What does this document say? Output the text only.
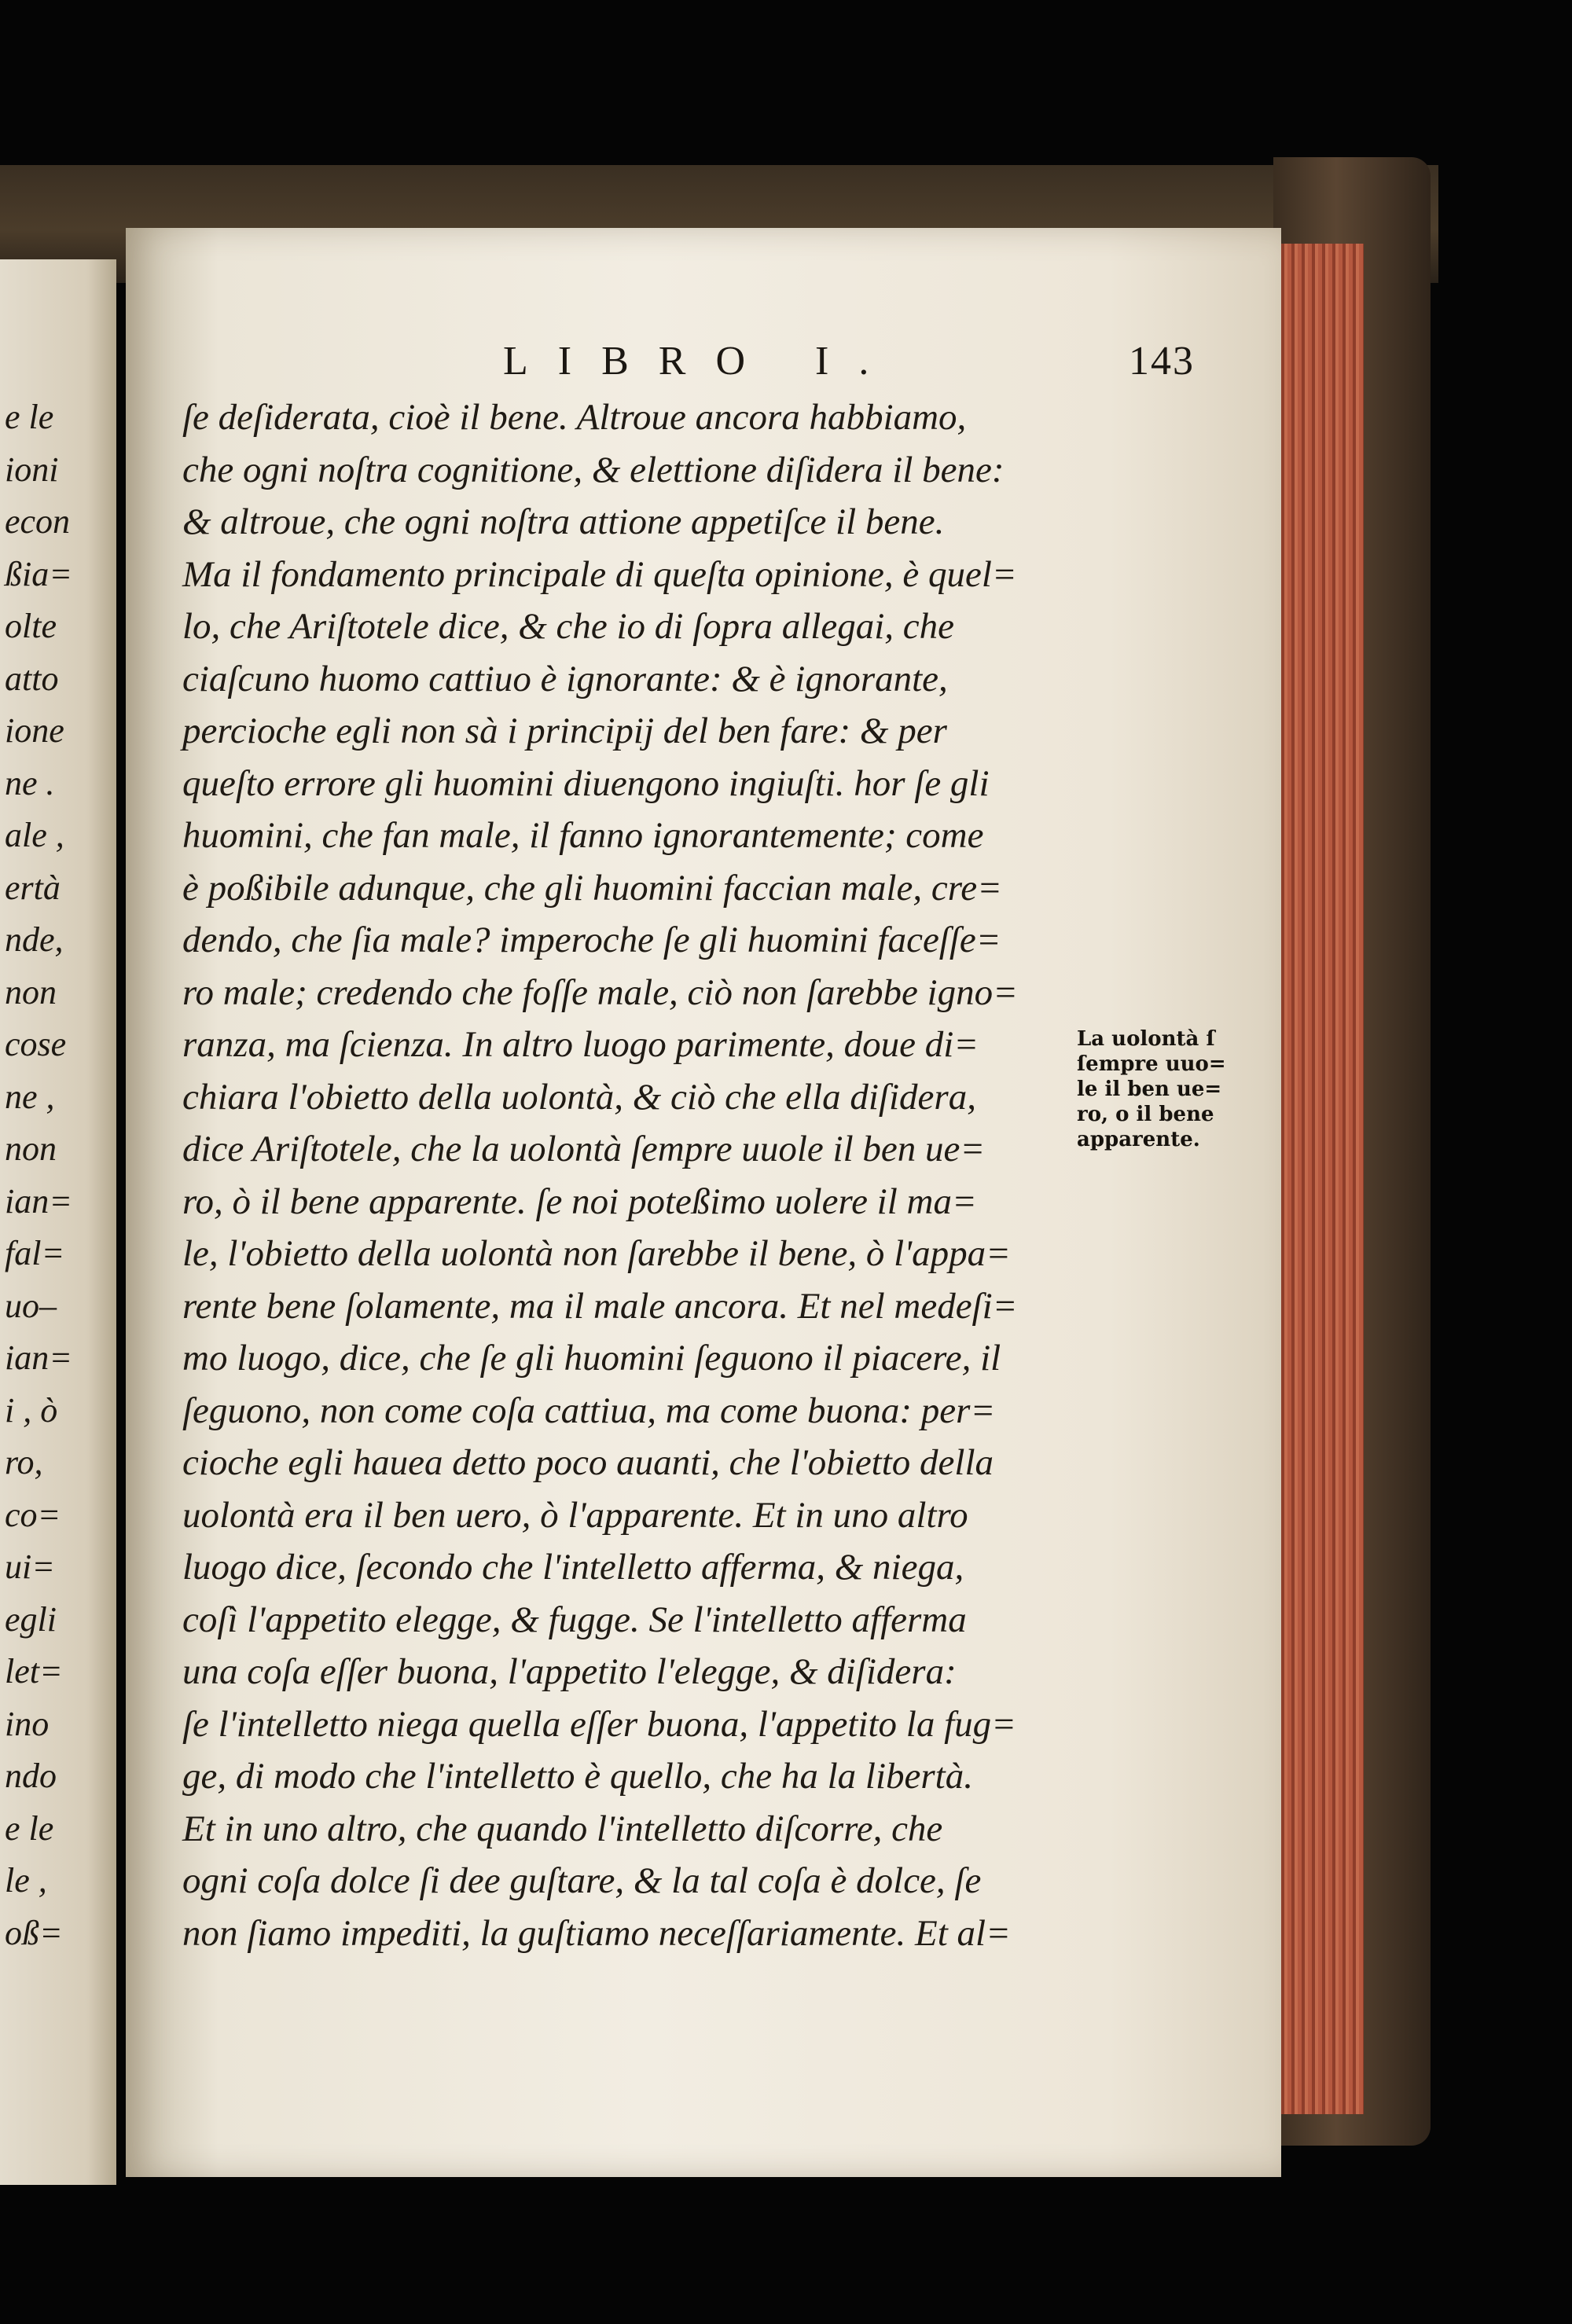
e le
ioni
econ
ßia=
olte
atto
ione
ne .
ale ,
ertà
nde,
non
cose
ne ,
non
ian=
fal=
uo–
ian=
i , ò
ro,
co=
ui=
egli
let=
ino
ndo
e le
le ,
oß=
LIBRO I.	143
ſe deſiderata, cioè il bene. Altroue ancora habbiamo,
che ogni noſtra cognitione, & elettione diſidera il bene:
& altroue, che ogni noſtra attione appetiſce il bene.
Ma il fondamento principale di queſta opinione, è quel=
lo, che Ariſtotele dice, & che io di ſopra allegai, che
ciaſcuno huomo cattiuo è ignorante: & è ignorante,
percioche egli non sà i principij del ben fare: & per
queſto errore gli huomini diuengono ingiuſti. hor ſe gli
huomini, che fan male, il fanno ignorantemente; come
è poßibile adunque, che gli huomini faccian male, cre=
dendo, che ſia male? imperoche ſe gli huomini faceſſe=
ro male; credendo che foſſe male, ciò non ſarebbe igno=
ranza, ma ſcienza. In altro luogo parimente, doue di=
chiara l'obietto della uolontà, & ciò che ella diſidera,
dice Ariſtotele, che la uolontà ſempre uuole il ben ue=
ro, ò il bene apparente. ſe noi poteßimo uolere il ma=
le, l'obietto della uolontà non ſarebbe il bene, ò l'appa=
rente bene ſolamente, ma il male ancora. Et nel medeſi=
mo luogo, dice, che ſe gli huomini ſeguono il piacere, il
ſeguono, non come coſa cattiua, ma come buona: per=
cioche egli hauea detto poco auanti, che l'obietto della
uolontà era il ben uero, ò l'apparente. Et in uno altro
luogo dice, ſecondo che l'intelletto afferma, & niega,
coſì l'appetito elegge, & fugge. Se l'intelletto afferma
una coſa eſſer buona, l'appetito l'elegge, & diſidera:
ſe l'intelletto niega quella eſſer buona, l'appetito la fug=
ge, di modo che l'intelletto è quello, che ha la libertà.
Et in uno altro, che quando l'intelletto diſcorre, che
ogni coſa dolce ſi dee guſtare, & la tal coſa è dolce, ſe
non ſiamo impediti, la guſtiamo neceſſariamente. Et al=
La uolontà ſ
ſempre uuo=
le il ben ue=
ro, o il bene
apparente.
